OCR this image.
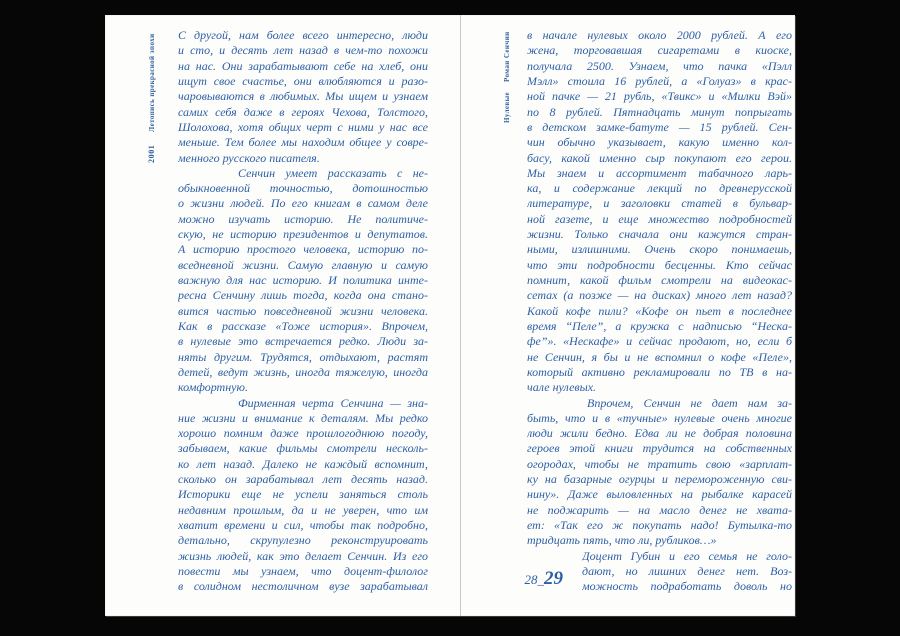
Летопись прекрасной эпохи
2001
Роман Сенчин
Нулевые
С другой, нам более всего интересно, люди
и сто, и десять лет назад в чем-то похожи
на нас. Они зарабатывают себе на хлеб, они
ищут свое счастье, они влюбляются и разо-
чаровываются в любимых. Мы ищем и узнаем
самих себя даже в героях Чехова, Толстого,
Шолохова, хотя общих черт с ними у нас все
меньше. Тем более мы находим общее у совре-
менного русского писателя.
Сенчин умеет рассказать с не-
обыкновенной точностью, дотошностью
о жизни людей. По его книгам в самом деле
можно изучать историю. Не политиче-
скую, не историю президентов и депутатов.
А историю простого человека, историю по-
вседневной жизни. Самую главную и самую
важную для нас историю. И политика инте-
ресна Сенчину лишь тогда, когда она стано-
вится частью повседневной жизни человека.
Как в рассказе «Тоже история». Впрочем,
в нулевые это встречается редко. Люди за-
няты другим. Трудятся, отдыхают, растят
детей, ведут жизнь, иногда тяжелую, иногда
комфортную.
Фирменная черта Сенчина — зна-
ние жизни и внимание к деталям. Мы редко
хорошо помним даже прошлогоднюю погоду,
забываем, какие фильмы смотрели несколь-
ко лет назад. Далеко не каждый вспомнит,
сколько он зарабатывал лет десять назад.
Историки еще не успели заняться столь
недавним прошлым, да и не уверен, что им
хватит времени и сил, чтобы так подробно,
детально, скрупулезно реконструировать
жизнь людей, как это делает Сенчин. Из его
повести мы узнаем, что доцент-филолог
в солидном нестоличном вузе зарабатывал
в начале нулевых около 2000 рублей. А его
жена, торговавшая сигаретами в киоске,
получала 2500. Узнаем, что пачка «Пэлл
Мэлл» стоила 16 рублей, а «Голуаз» в крас-
ной пачке — 21 рубль, «Твикс» и «Милки Вэй»
по 8 рублей. Пятнадцать минут попрыгать
в детском замке-батуте — 15 рублей. Сен-
чин обычно указывает, какую именно кол-
басу, какой именно сыр покупают его герои.
Мы знаем и ассортимент табачного ларь-
ка, и содержание лекций по древнерусской
литературе, и заголовки статей в бульвар-
ной газете, и еще множество подробностей
жизни. Только сначала они кажутся стран-
ными, излишними. Очень скоро понимаешь,
что эти подробности бесценны. Кто сейчас
помнит, какой фильм смотрели на видеокас-
сетах (а позже — на дисках) много лет назад?
Какой кофе пили? «Кофе он пьет в последнее
время “Пеле”, а кружка с надписью “Неска-
фе”». «Нескафе» и сейчас продают, но, если б
не Сенчин, я бы и не вспомнил о кофе «Пеле»,
который активно рекламировали по ТВ в на-
чале нулевых.
Впрочем, Сенчин не дает нам за-
быть, что и в «тучные» нулевые очень многие
люди жили бедно. Едва ли не добрая половина
героев этой книги трудится на собственных
огородах, чтобы не тратить свою «зарплат-
ку на базарные огурцы и перемороженную сви-
нину». Даже выловленных на рыбалке карасей
не поджарить — на масло денег не хвата-
ет: «Так его ж покупать надо! Бутылка-то
тридцать пять, что ли, рубликов…»
Доцент Губин и его семья не голо-
дают, но лишних денег нет. Воз-
можность подработать доволь но
28_ 29
